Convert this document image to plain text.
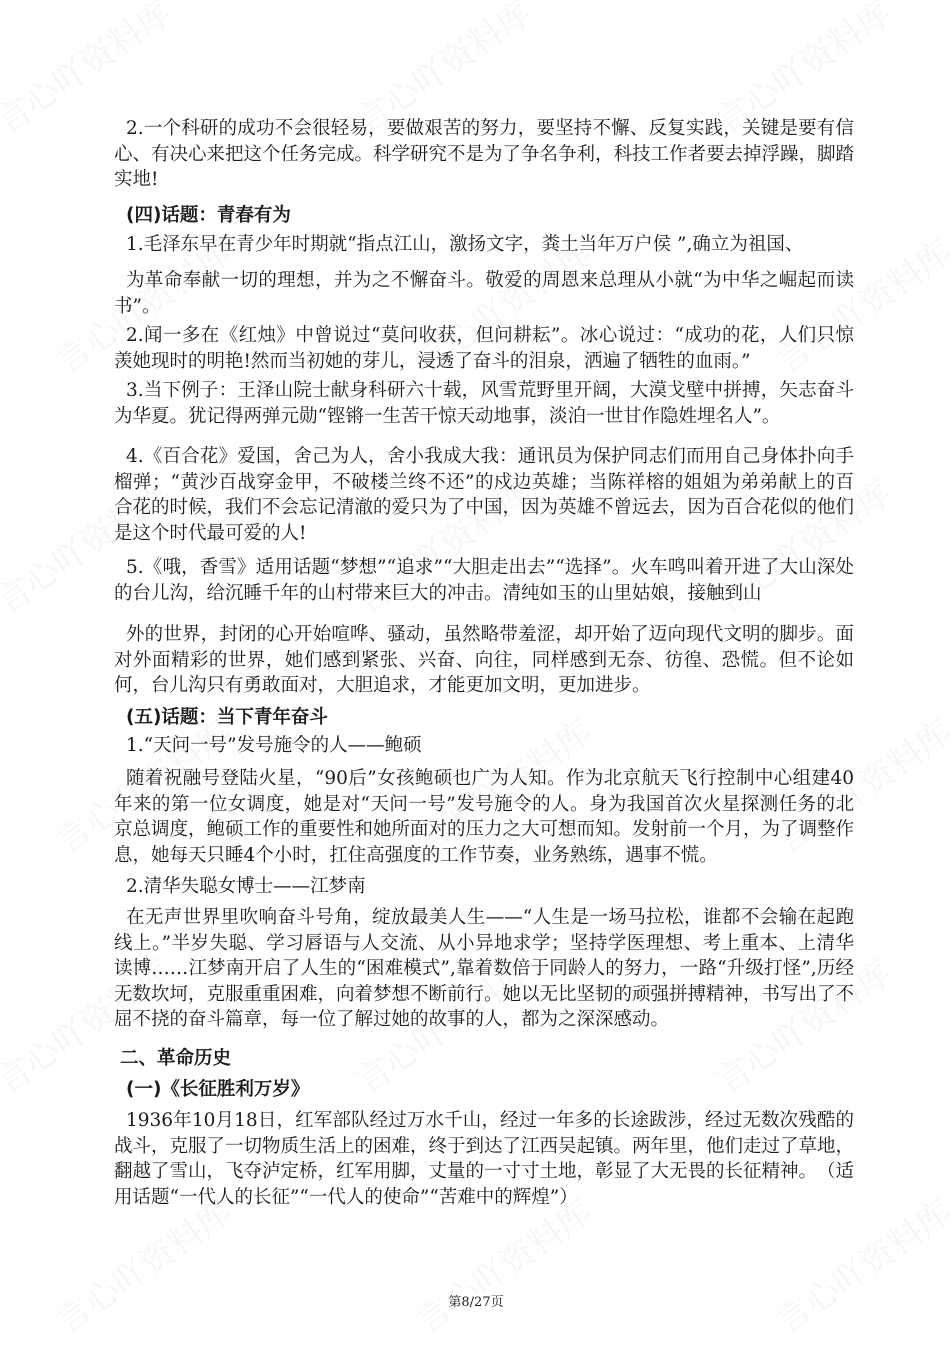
2.一个科研的成功不会很轻易，要做艰苦的努力，要坚持不懈、反复实践，关键是要有信心、有决心来把这个任务完成。科学研究不是为了争名争利，科技工作者要去掉浮躁，脚踏实地!

(四)话题：青春有为

1.毛泽东早在青少年时期就“指点江山，激扬文字，粪土当年万户侯 ”,确立为祖国、

为革命奉献一切的理想，并为之不懈奋斗。敬爱的周恩来总理从小就“为中华之崛起而读书”。

2.闻一多在《红烛》中曾说过“莫问收获，但问耕耘”。冰心说过：“成功的花，人们只惊羡她现时的明艳!然而当初她的芽儿，浸透了奋斗的泪泉，洒遍了牺牲的血雨。”

3.当下例子：王泽山院士献身科研六十载，风雪荒野里开阔，大漠戈壁中拼搏，矢志奋斗为华夏。犹记得两弹元勋“铿锵一生苦干惊天动地事，淡泊一世甘作隐姓埋名人”。

4.《百合花》爱国，舍己为人，舍小我成大我：通讯员为保护同志们而用自己身体扑向手榴弹；“黄沙百战穿金甲，不破楼兰终不还”的戍边英雄；当陈祥榕的姐姐为弟弟献上的百合花的时候，我们不会忘记清澈的爱只为了中国，因为英雄不曾远去，因为百合花似的他们是这个时代最可爱的人!

5.《哦，香雪》适用话题“梦想”“追求”“大胆走出去”“选择”。火车鸣叫着开进了大山深处的台儿沟，给沉睡千年的山村带来巨大的冲击。清纯如玉的山里姑娘，接触到山

外的世界，封闭的心开始喧哗、骚动，虽然略带羞涩，却开始了迈向现代文明的脚步。面对外面精彩的世界，她们感到紧张、兴奋、向往，同样感到无奈、彷徨、恐慌。但不论如何，台儿沟只有勇敢面对，大胆追求，才能更加文明，更加进步。

(五)话题：当下青年奋斗

1.“天问一号”发号施令的人——鲍硕

随着祝融号登陆火星，“90后”女孩鲍硕也广为人知。作为北京航天飞行控制中心组建40年来的第一位女调度，她是对“天问一号”发号施令的人。身为我国首次火星探测任务的北京总调度，鲍硕工作的重要性和她所面对的压力之大可想而知。发射前一个月，为了调整作息，她每天只睡4个小时，扛住高强度的工作节奏，业务熟练，遇事不慌。

2.清华失聪女博士——江梦南

在无声世界里吹响奋斗号角，绽放最美人生——“人生是一场马拉松，谁都不会输在起跑线上。”半岁失聪、学习唇语与人交流、从小异地求学；坚持学医理想、考上重本、上清华读博……江梦南开启了人生的“困难模式”,靠着数倍于同龄人的努力，一路“升级打怪”,历经无数坎坷，克服重重困难，向着梦想不断前行。她以无比坚韧的顽强拼搏精神，书写出了不屈不挠的奋斗篇章，每一位了解过她的故事的人，都为之深深感动。

二、革命历史

(一)《长征胜利万岁》

1936年10月18日，红军部队经过万水千山，经过一年多的长途跋涉，经过无数次残酷的战斗，克服了一切物质生活上的困难，终于到达了江西吴起镇。两年里，他们走过了草地，翻越了雪山，飞夺泸定桥，红军用脚，丈量的一寸寸土地，彰显了大无畏的长征精神。　（适用话题“一代人的长征”“一代人的使命”“苦难中的辉煌”）

第8/27页
